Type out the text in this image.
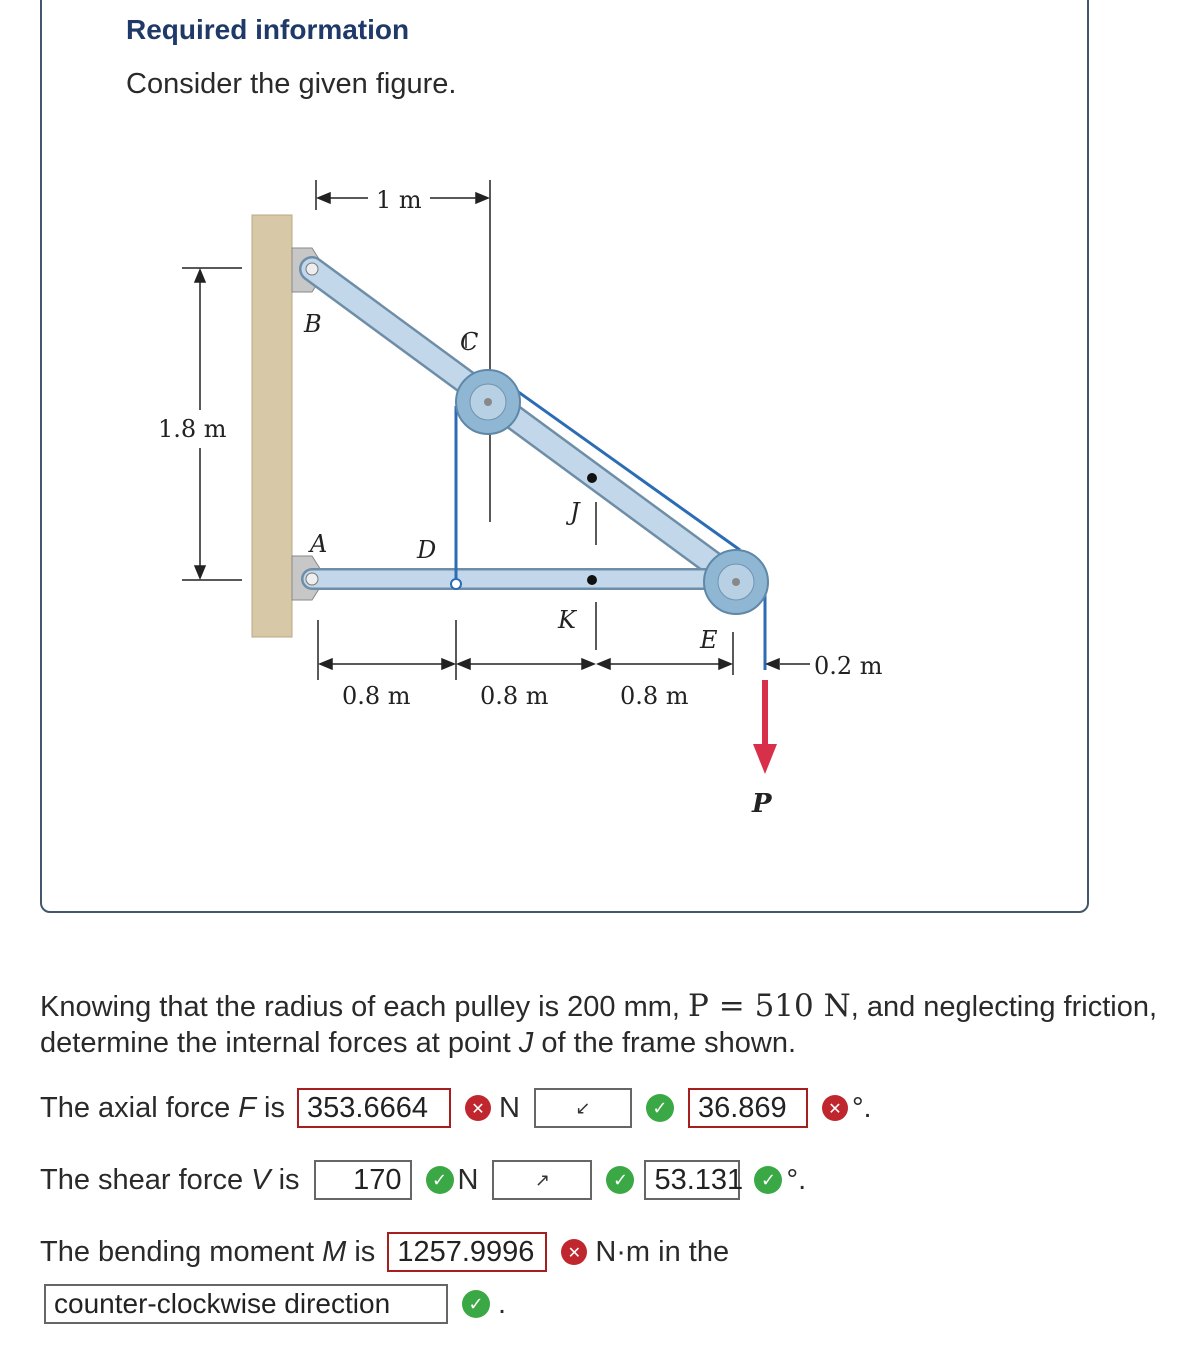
Required information
Consider the given figure.
1.8 m
1 m
B
C
J
A	D
K
E
0.8 m	0.8 m	0.8 m
0.2 m
P
Knowing that the radius of each pulley is 200 mm, P = 510 N, and neglecting friction, determine the internal forces at point J of the frame shown.
The axial force
F
is 353.6664	✕ N	↙	✓	36.869	✕ °.
The shear force
V
is	170	✓ N	↗	✓ 53.131 ✓ °.
The bending moment
M
is 1257.9996	✕ N·m in the
counter-clockwise direction	✓ .
